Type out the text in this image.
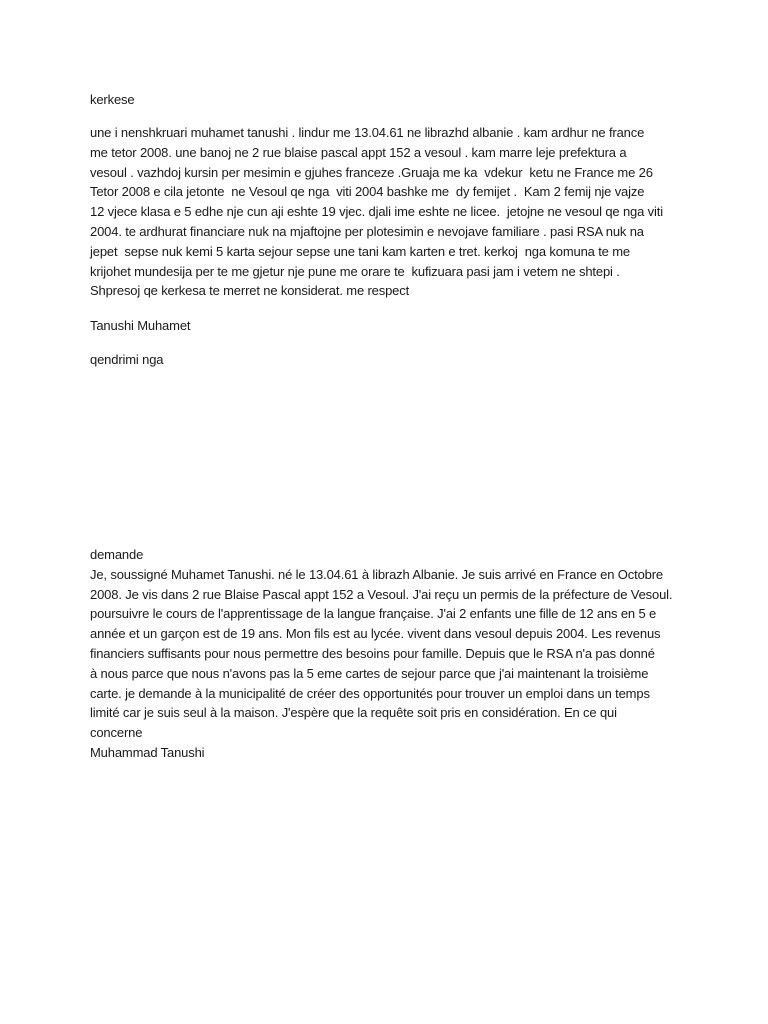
kerkese
une i nenshkruari muhamet tanushi . lindur me 13.04.61 ne librazhd albanie . kam ardhur ne france
me tetor 2008. une banoj ne 2 rue blaise pascal appt 152 a vesoul . kam marre leje prefektura a
vesoul . vazhdoj kursin per mesimin e gjuhes franceze .Gruaja me ka  vdekur  ketu ne France me 26
Tetor 2008 e cila jetonte  ne Vesoul qe nga  viti 2004 bashke me  dy femijet .  Kam 2 femij nje vajze
12 vjece klasa e 5 edhe nje cun aji eshte 19 vjec. djali ime eshte ne licee.  jetojne ne vesoul qe nga viti
2004. te ardhurat financiare nuk na mjaftojne per plotesimin e nevojave familiare . pasi RSA nuk na
jepet  sepse nuk kemi 5 karta sejour sepse une tani kam karten e tret. kerkoj  nga komuna te me
krijohet mundesija per te me gjetur nje pune me orare te  kufizuara pasi jam i vetem ne shtepi .
Shpresoj qe kerkesa te merret ne konsiderat. me respect
Tanushi Muhamet
qendrimi nga
demande
Je, soussigné Muhamet Tanushi. né le 13.04.61 à librazh Albanie. Je suis arrivé en France en Octobre
2008. Je vis dans 2 rue Blaise Pascal appt 152 a Vesoul. J'ai reçu un permis de la préfecture de Vesoul.
poursuivre le cours de l'apprentissage de la langue française. J'ai 2 enfants une fille de 12 ans en 5 e
année et un garçon est de 19 ans. Mon fils est au lycée. vivent dans vesoul depuis 2004. Les revenus
financiers suffisants pour nous permettre des besoins pour famille. Depuis que le RSA n'a pas donné
à nous parce que nous n'avons pas la 5 eme cartes de sejour parce que j'ai maintenant la troisième
carte. je demande à la municipalité de créer des opportunités pour trouver un emploi dans un temps
limité car je suis seul à la maison. J'espère que la requête soit pris en considération. En ce qui
concerne
Muhammad Tanushi
